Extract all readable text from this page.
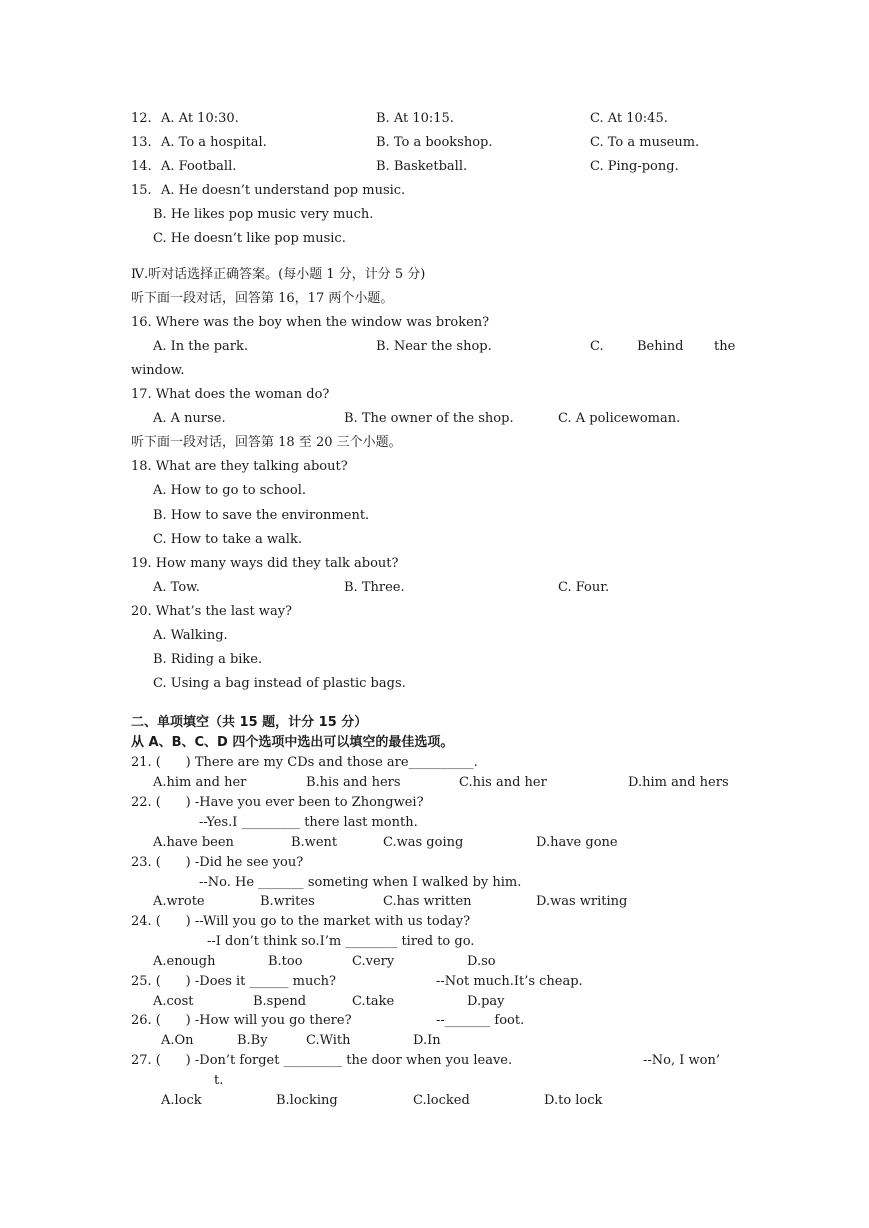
12. A. At 10:30.	B. At 10:15.	C. At 10:45.
13. A. To a hospital.	B. To a bookshop.	C. To a museum.
14. A. Football.	B. Basketball.	C. Ping-pong.
15. A. He doesn’t understand pop music.
B. He likes pop music very much.
C. He doesn’t like pop music.
Ⅳ.听对话选择正确答案。(每小题 1 分，计分 5 分)
听下面一段对话，回答第 16，17 两个小题。
16. Where was the boy when the window was broken?
A. In the park.	B. Near the shop.	C.	Behind the
window.
17. What does the woman do?
A. A nurse.	B. The owner of the shop.	C. A policewoman.
听下面一段对话，回答第 18 至 20 三个小题。
18. What are they talking about?
A. How to go to school.
B. How to save the environment.
C. How to take a walk.
19. How many ways did they talk about?
A. Tow.	B. Three.	C. Four.
20. What’s the last way?
A. Walking.
B. Riding a bike.
C. Using a bag instead of plastic bags.
二、单项填空（共 15 题，计分 15 分）
从 A、B、C、D 四个选项中选出可以填空的最佳选项。
21. (      ) There are my CDs and those are__________.
A.him and her	B.his and hers	C.his and her	D.him and hers
22. (      ) -Have you ever been to Zhongwei?
--Yes.I _________ there last month.
A.have been	B.went	C.was going	D.have gone
23. (      ) -Did he see you?
--No. He _______ someting when I walked by him.
A.wrote	B.writes	C.has written	D.was writing
24. (      ) --Will you go to the market with us today?
--I don’t think so.I’m ________ tired to go.
A.enough	B.too	C.very	D.so
25. (      ) -Does it ______ much?	--Not much.It’s cheap.
A.cost	B.spend	C.take	D.pay
26. (      ) -How will you go there?	--_______ foot.
A.On	B.By	C.With	D.In
27. (      ) -Don’t forget _________ the door when you leave.	--No, I won’
t.
A.lock	B.locking	C.locked	D.to lock
